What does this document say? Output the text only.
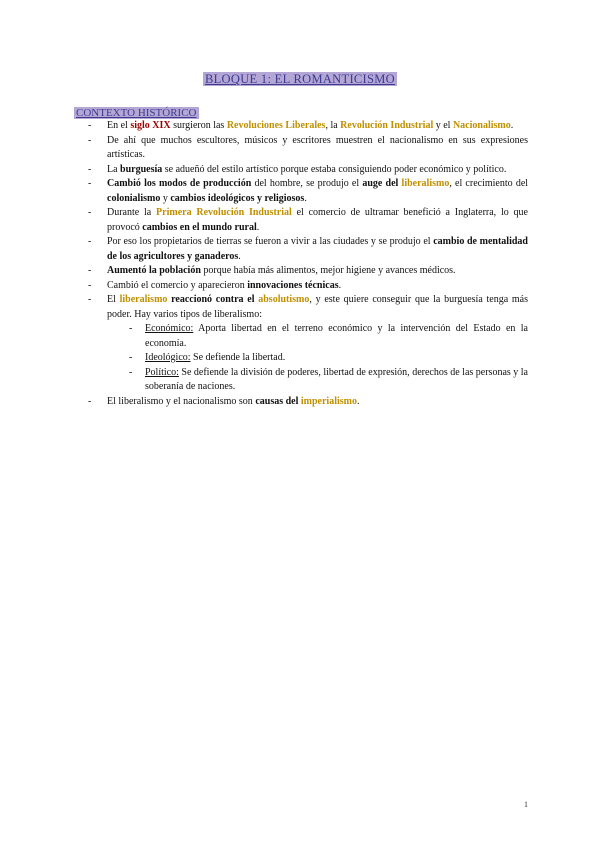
BLOQUE 1: EL ROMANTICISMO
CONTEXTO HISTÓRICO
- En el siglo XIX surgieron las Revoluciones Liberales, la Revolución Industrial y el Nacionalismo.
- De ahí que muchos escultores, músicos y escritores muestren el nacionalismo en sus expresiones artísticas.
- La burguesía se adueñó del estilo artístico porque estaba consiguiendo poder económico y político.
- Cambió los modos de producción del hombre, se produjo el auge del liberalismo, el crecimiento del colonialismo y cambios ideológicos y religiosos.
- Durante la Primera Revolución Industrial el comercio de ultramar benefició a Inglaterra, lo que provocó cambios en el mundo rural.
- Por eso los propietarios de tierras se fueron a vivir a las ciudades y se produjo el cambio de mentalidad de los agricultores y ganaderos.
- Aumentó la población porque había más alimentos, mejor higiene y avances médicos.
- Cambió el comercio y aparecieron innovaciones técnicas.
- El liberalismo reaccionó contra el absolutismo, y este quiere conseguir que la burguesía tenga más poder. Hay varios tipos de liberalismo:
- Económico: Aporta libertad en el terreno económico y la intervención del Estado en la economía.
- Ideológico: Se defiende la libertad.
- Político: Se defiende la división de poderes, libertad de expresión, derechos de las personas y la soberanía de naciones.
- El liberalismo y el nacionalismo son causas del imperialismo.
1
